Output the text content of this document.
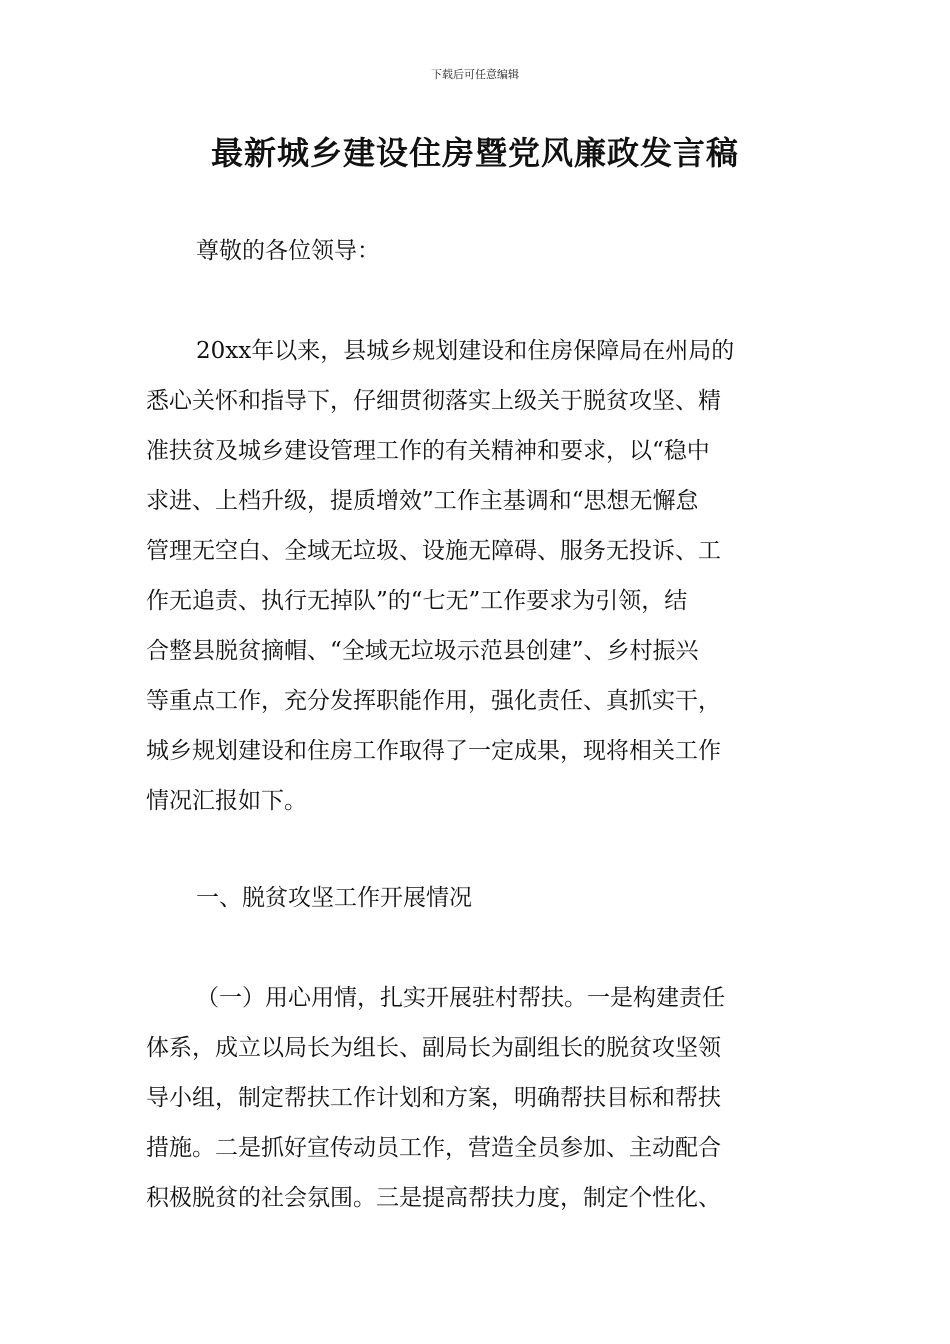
下载后可任意编辑
最新城乡建设住房暨党风廉政发言稿
尊敬的各位领导：
20xx年以来，县城乡规划建设和住房保障局在州局的
悉心关怀和指导下，仔细贯彻落实上级关于脱贫攻坚、精
准扶贫及城乡建设管理工作的有关精神和要求，以“稳中
求进、上档升级，提质增效”工作主基调和“思想无懈怠
管理无空白、全域无垃圾、设施无障碍、服务无投诉、工
作无追责、执行无掉队”的“七无”工作要求为引领，结
合整县脱贫摘帽、“全域无垃圾示范县创建”、乡村振兴
等重点工作，充分发挥职能作用，强化责任、真抓实干，
城乡规划建设和住房工作取得了一定成果，现将相关工作
情况汇报如下。
一、脱贫攻坚工作开展情况
（一）用心用情，扎实开展驻村帮扶。一是构建责任
体系，成立以局长为组长、副局长为副组长的脱贫攻坚领
导小组，制定帮扶工作计划和方案，明确帮扶目标和帮扶
措施。二是抓好宣传动员工作，营造全员参加、主动配合
积极脱贫的社会氛围。三是提高帮扶力度，制定个性化、
